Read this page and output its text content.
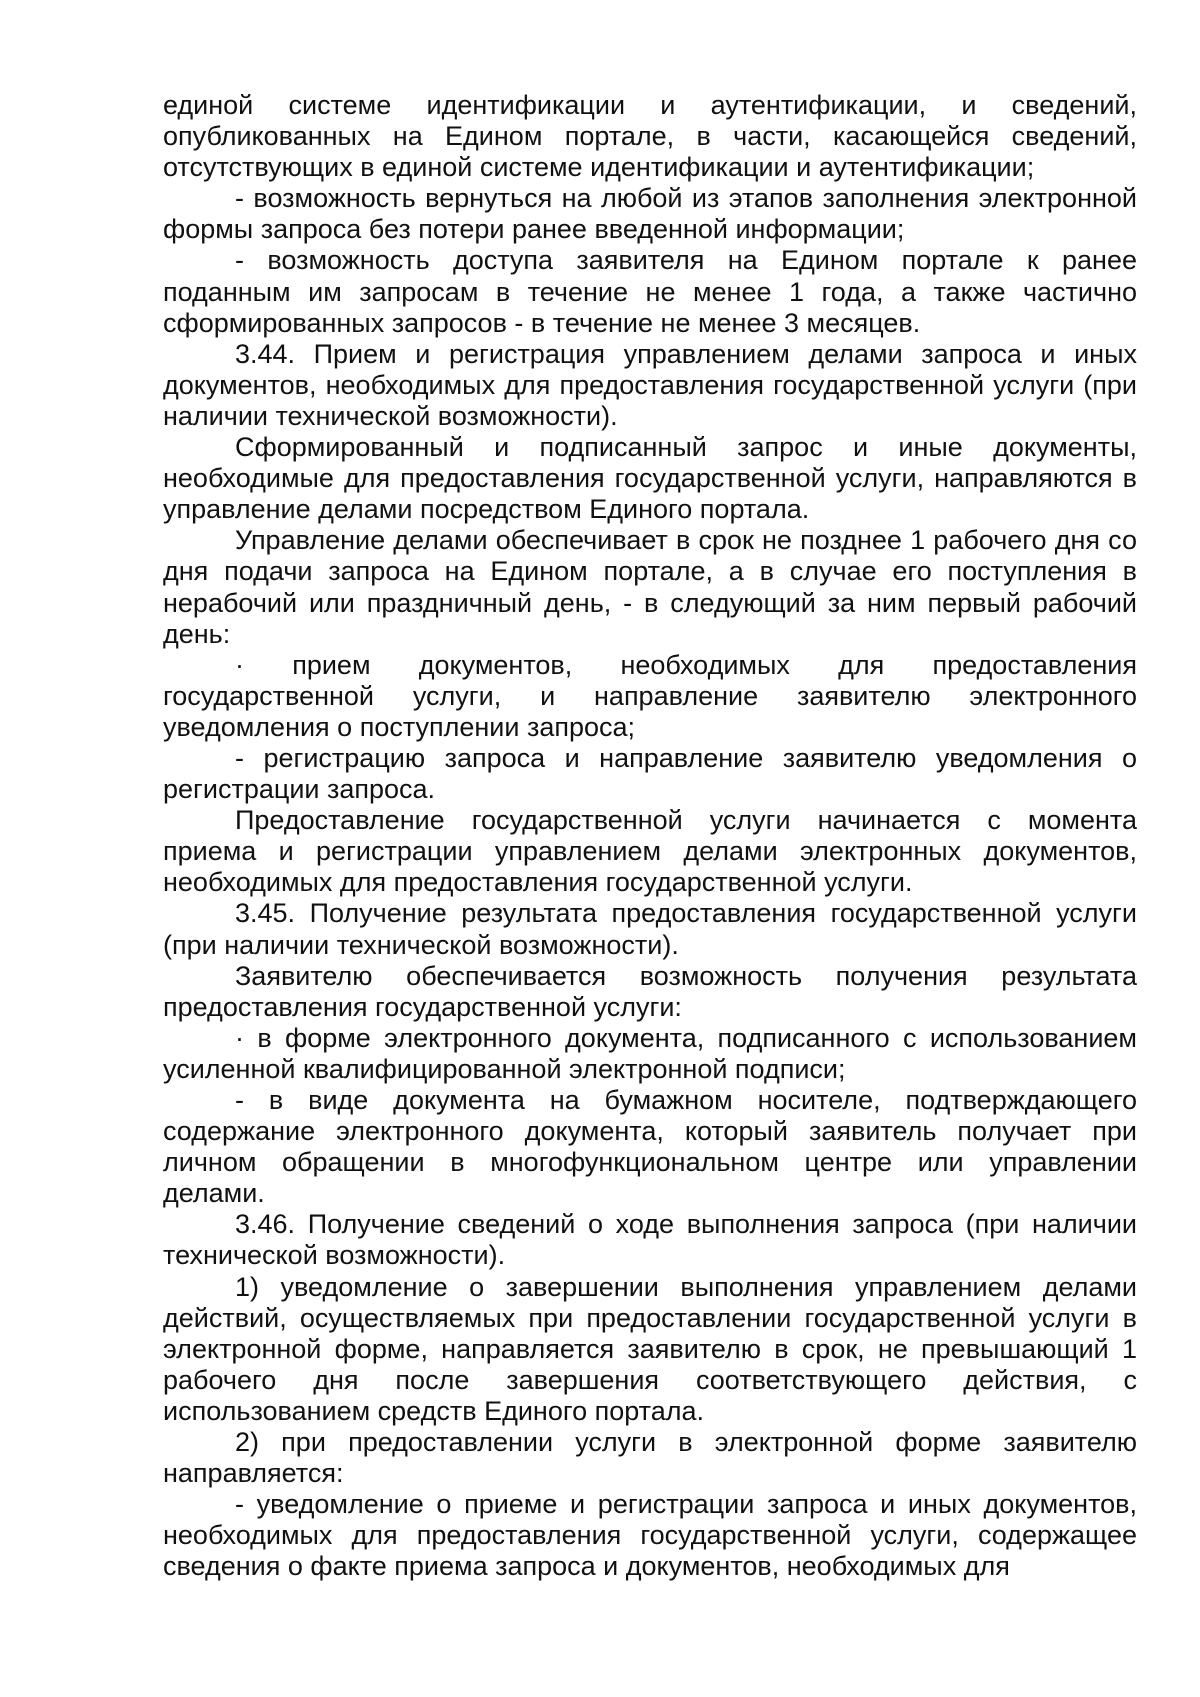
единой системе идентификации и аутентификации, и сведений, опубликованных на Едином портале, в части, касающейся сведений, отсутствующих в единой системе идентификации и аутентификации;

- возможность вернуться на любой из этапов заполнения электронной формы запроса без потери ранее введенной информации;

- возможность доступа заявителя на Едином портале к ранее поданным им запросам в течение не менее 1 года, а также частично сформированных запросов - в течение не менее 3 месяцев.

3.44. Прием и регистрация управлением делами запроса и иных документов, необходимых для предоставления государственной услуги (при наличии технической возможности).

Сформированный и подписанный запрос и иные документы, необходимые для предоставления государственной услуги, направляются в управление делами посредством Единого портала.

Управление делами обеспечивает в срок не позднее 1 рабочего дня со дня подачи запроса на Едином портале, а в случае его поступления в нерабочий или праздничный день, - в следующий за ним первый рабочий день:

· прием документов, необходимых для предоставления государственной услуги, и направление заявителю электронного уведомления о поступлении запроса;

- регистрацию запроса и направление заявителю уведомления о регистрации запроса.

Предоставление государственной услуги начинается с момента приема и регистрации управлением делами электронных документов, необходимых для предоставления государственной услуги.

3.45. Получение результата предоставления государственной услуги (при наличии технической возможности).

Заявителю обеспечивается возможность получения результата предоставления государственной услуги:

· в форме электронного документа, подписанного с использованием усиленной квалифицированной электронной подписи;

- в виде документа на бумажном носителе, подтверждающего содержание электронного документа, который заявитель получает при личном обращении в многофункциональном центре или управлении делами.

3.46. Получение сведений о ходе выполнения запроса (при наличии технической возможности).

1) уведомление о завершении выполнения управлением делами действий, осуществляемых при предоставлении государственной услуги в электронной форме, направляется заявителю в срок, не превышающий 1 рабочего дня после завершения соответствующего действия, с использованием средств Единого портала.

2) при предоставлении услуги в электронной форме заявителю направляется:

- уведомление о приеме и регистрации запроса и иных документов, необходимых для предоставления государственной услуги, содержащее сведения о факте приема запроса и документов, необходимых для
